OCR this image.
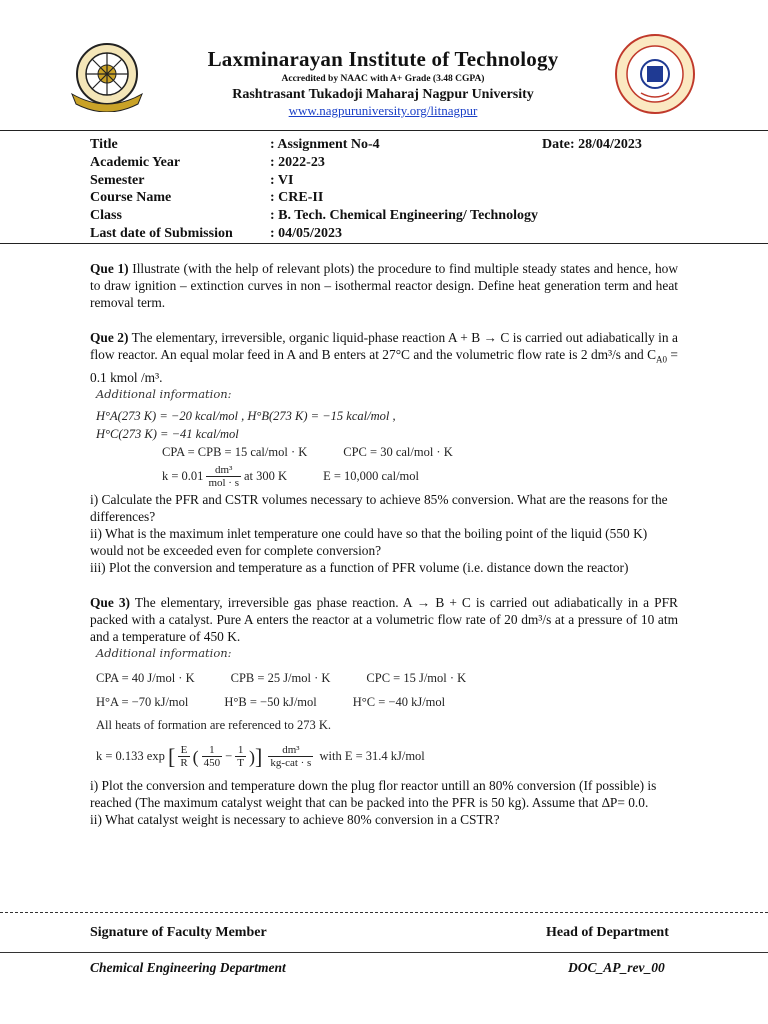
Laxminarayan Institute of Technology
Accredited by NAAC with A+ Grade (3.48 CGPA)
Rashtrasant Tukadoji Maharaj Nagpur University
www.nagpuruniversity.org/litnagpur
Title	: Assignment No-4	Date: 28/04/2023
Academic Year	: 2022-23
Semester	: VI
Course Name	: CRE-II
Class	: B. Tech. Chemical Engineering/ Technology
Last date of Submission	: 04/05/2023

Que 1) Illustrate (with the help of relevant plots) the procedure to find multiple steady states and hence, how to draw ignition – extinction curves in non – isothermal reactor design. Define heat generation term and heat removal term.

Que 2) The elementary, irreversible, organic liquid-phase reaction A + B → C is carried out adiabatically in a flow reactor. An equal molar feed in A and B enters at 27°C and the volumetric flow rate is 2 dm³/s and $C_{A0} = 0.1$ kmol /m³.

Additional information:

H°A(273 K) = −20 kcal/mol , H°B(273 K) = −15 kcal/mol ,

H°C(273 K) = −41 kcal/mol

CPA = CPB = 15 cal/mol · K	CPC = 30 cal/mol · K

$k = 0.01 \frac{\text{dm³}}{\text{mol · s}}$ at 300 K	E = 10,000 cal/mol

i) Calculate the PFR and CSTR volumes necessary to achieve 85% conversion. What are the reasons for the differences?

ii) What is the maximum inlet temperature one could have so that the boiling point of the liquid (550 K) would not be exceeded even for complete conversion?

iii) Plot the conversion and temperature as a function of PFR volume (i.e. distance down the reactor)

Que 3) The elementary, irreversible gas phase reaction. A → B + C is carried out adiabatically in a PFR packed with a catalyst. Pure A enters the reactor at a volumetric flow rate of 20 dm³/s at a pressure of 10 atm and a temperature of 450 K.

Additional information:

CPA = 40 J/mol · K	CPB = 25 J/mol · K	CPC = 15 J/mol · K

H°A = −70 kJ/mol	H°B = −50 kJ/mol	H°C = −40 kJ/mol

All heats of formation are referenced to 273 K.

k = 0.133 exp [ $\frac{E}{R}$ ( $\frac{1}{450} - \frac{1}{T}$ )] $\frac{\text{dm³}}{\text{kg-cat · s}}$ with E = 31.4 kJ/mol

i) Plot the conversion and temperature down the plug flor reactor untill an 80% conversion (If possible) is reached (The maximum catalyst weight that can be packed into the PFR is 50 kg). Assume that ∆P= 0.0.

ii) What catalyst weight is necessary to achieve 80% conversion in a CSTR?

Signature of Faculty Member	Head of Department
Chemical Engineering Department	DOC_AP_rev_00
